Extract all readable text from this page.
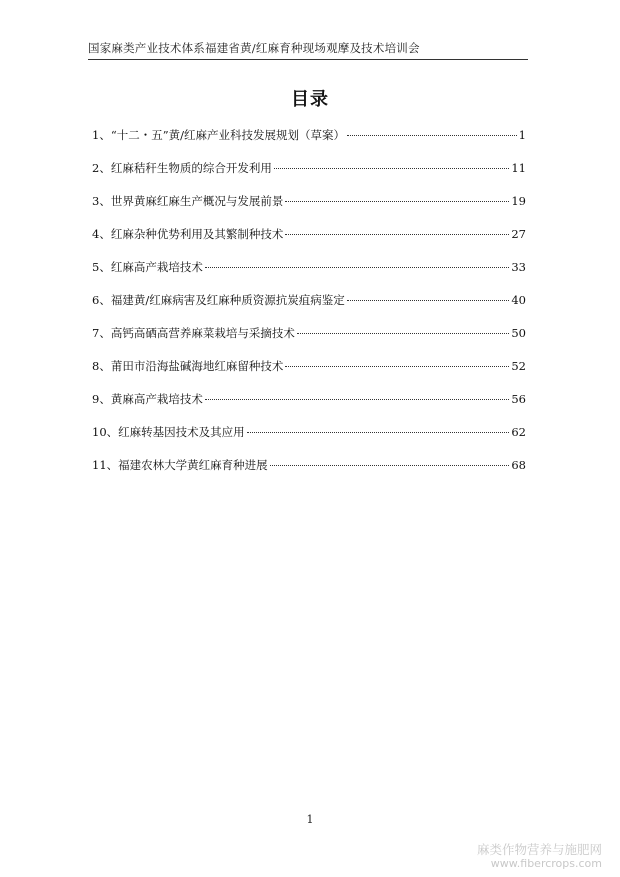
国家麻类产业技术体系福建省黄/红麻育种现场观摩及技术培训会
目录
1、 “十二・五”黄/红麻产业科技发展规划（草案）	1
2、 红麻秸秆生物质的综合开发利用	11
3、 世界黄麻红麻生产概况与发展前景	19
4、 红麻杂种优势利用及其繁制种技术	27
5、 红麻高产栽培技术	33
6、 福建黄/红麻病害及红麻种质资源抗炭疽病鉴定	40
7、 高钙高硒高营养麻菜栽培与采摘技术	50
8、 莆田市沿海盐碱海地红麻留种技术	52
9、 黄麻高产栽培技术	56
10、 红麻转基因技术及其应用	62
11、 福建农林大学黄红麻育种进展	68
1
麻类作物营养与施肥网
www.fibercrops.com
